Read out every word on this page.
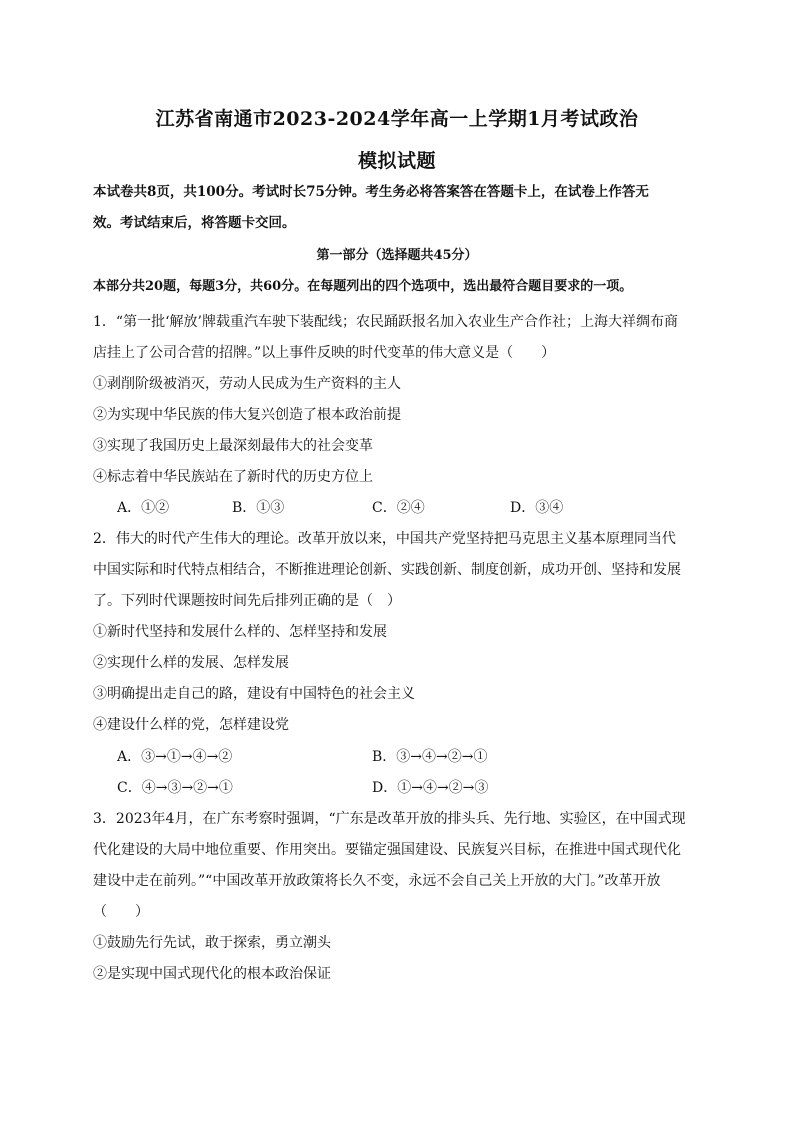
江苏省南通市2023-2024学年高一上学期1月考试政治
模拟试题
本试卷共8页，共100分。考试时长75分钟。考生务必将答案答在答题卡上，在试卷上作答无
效。考试结束后，将答题卡交回。
第一部分（选择题共45分）
本部分共20题，每题3分，共60分。在每题列出的四个选项中，选出最符合题目要求的一项。
1．“第一批‘解放’牌载重汽车驶下装配线；农民踊跃报名加入农业生产合作社；上海大祥绸布商
店挂上了公司合营的招牌。”以上事件反映的时代变革的伟大意义是（　　）
①剥削阶级被消灭，劳动人民成为生产资料的主人
②为实现中华民族的伟大复兴创造了根本政治前提
③实现了我国历史上最深刻最伟大的社会变革
④标志着中华民族站在了新时代的历史方位上
A．①②	B．①③	C．②④	D．③④
2．伟大的时代产生伟大的理论。改革开放以来，中国共产党坚持把马克思主义基本原理同当代
中国实际和时代特点相结合，不断推进理论创新、实践创新、制度创新，成功开创、坚持和发展
了。下列时代课题按时间先后排列正确的是（　）
①新时代坚持和发展什么样的、怎样坚持和发展
②实现什么样的发展、怎样发展
③明确提出走自己的路，建设有中国特色的社会主义
④建设什么样的党，怎样建设党
A．③→①→④→②	B．③→④→②→①
C．④→③→②→①	D．①→④→②→③
3．2023年4月，在广东考察时强调，“广东是改革开放的排头兵、先行地、实验区，在中国式现
代化建设的大局中地位重要、作用突出。要锚定强国建设、民族复兴目标，在推进中国式现代化
建设中走在前列。”“中国改革开放政策将长久不变，永远不会自己关上开放的大门。”改革开放
（　　）
①鼓励先行先试，敢于探索，勇立潮头
②是实现中国式现代化的根本政治保证
